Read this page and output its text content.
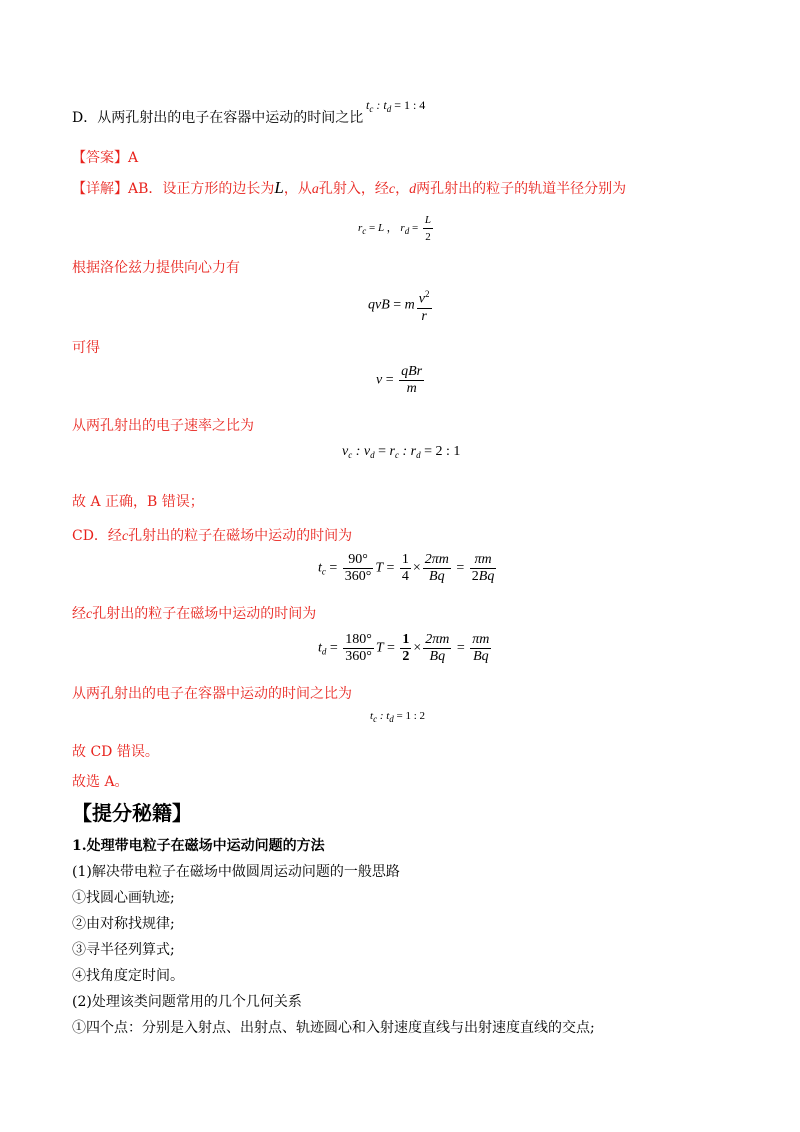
D．从两孔射出的电子在容器中运动的时间之比
$t_c$ : $t_d = 1$ : 4
【答案】A
【详解】AB．设正方形的边长为L，从a孔射入，经c，d两孔射出的粒子的轨道半径分别为
$r_c = L$ ， $r_d = \frac{L}{2}$
根据洛伦兹力提供向心力有
qvB = m $\frac{v^2}{r}$
可得
$v = \frac{\text{qBr}}{m}$
从两孔射出的电子速率之比为
$v_c$ : $v_d = r_c$ : $r_d = 2$ : 1
故 A 正确，B 错误；
CD．经c孔射出的粒子在磁场中运动的时间为
$t_c = \frac{90^\circ}{360^\circ}$ $T = \frac{1}{4} \times \frac{2\pi m}{Bq} = \frac{\pi m}{2Bq}$
经c孔射出的粒子在磁场中运动的时间为
$t_d = \frac{180^\circ}{360^\circ}$ $T = \frac{1}{2} \times \frac{2\pi m}{Bq} = \frac{\pi m}{Bq}$
从两孔射出的电子在容器中运动的时间之比为
$t_c$ : $t_d = 1$ : 2
故 CD 错误。
故选 A。
【提分秘籍】
1.处理带电粒子在磁场中运动问题的方法
(1)解决带电粒子在磁场中做圆周运动问题的一般思路
①找圆心画轨迹;
②由对称找规律;
③寻半径列算式;
④找角度定时间。
(2)处理该类问题常用的几个几何关系
①四个点：分别是入射点、出射点、轨迹圆心和入射速度直线与出射速度直线的交点;
